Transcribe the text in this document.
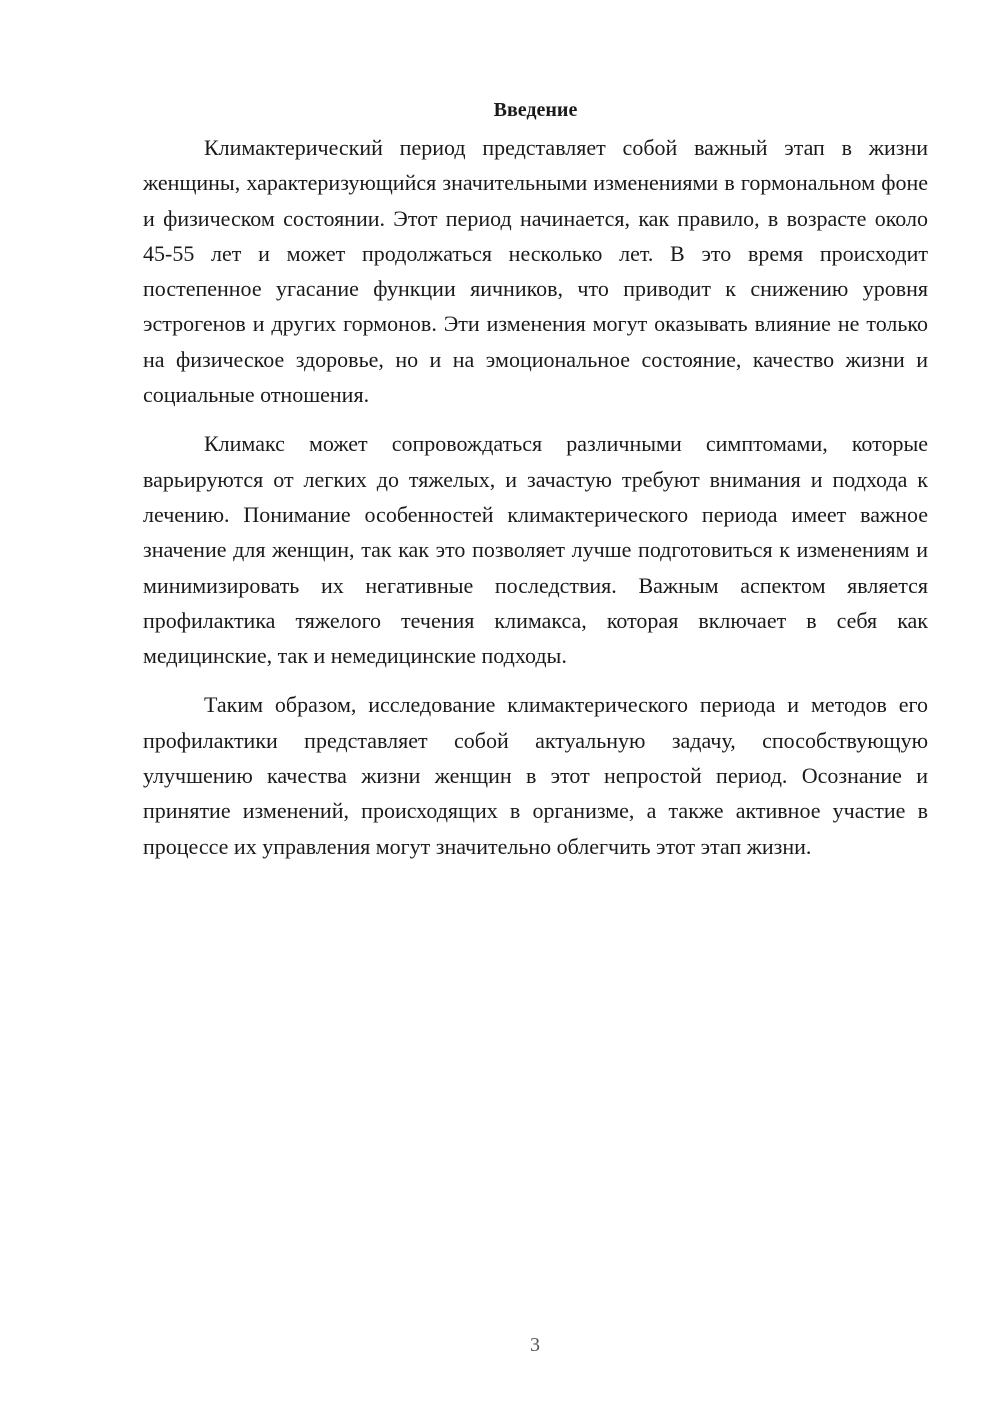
Введение

Климактерический период представляет собой важный этап в жизни женщины, характеризующийся значительными изменениями в гормональном фоне и физическом состоянии. Этот период начинается, как правило, в возрасте около 45-55 лет и может продолжаться несколько лет. В это время происходит постепенное угасание функции яичников, что приводит к снижению уровня эстрогенов и других гормонов. Эти изменения могут оказывать влияние не только на физическое здоровье, но и на эмоциональное состояние, качество жизни и социальные отношения.

Климакс может сопровождаться различными симптомами, которые варьируются от легких до тяжелых, и зачастую требуют внимания и подхода к лечению. Понимание особенностей климактерического периода имеет важное значение для женщин, так как это позволяет лучше подготовиться к изменениям и минимизировать их негативные последствия. Важным аспектом является профилактика тяжелого течения климакса, которая включает в себя как медицинские, так и немедицинские подходы.

Таким образом, исследование климактерического периода и методов его профилактики представляет собой актуальную задачу, способствующую улучшению качества жизни женщин в этот непростой период. Осознание и принятие изменений, происходящих в организме, а также активное участие в процессе их управления могут значительно облегчить этот этап жизни.

3
